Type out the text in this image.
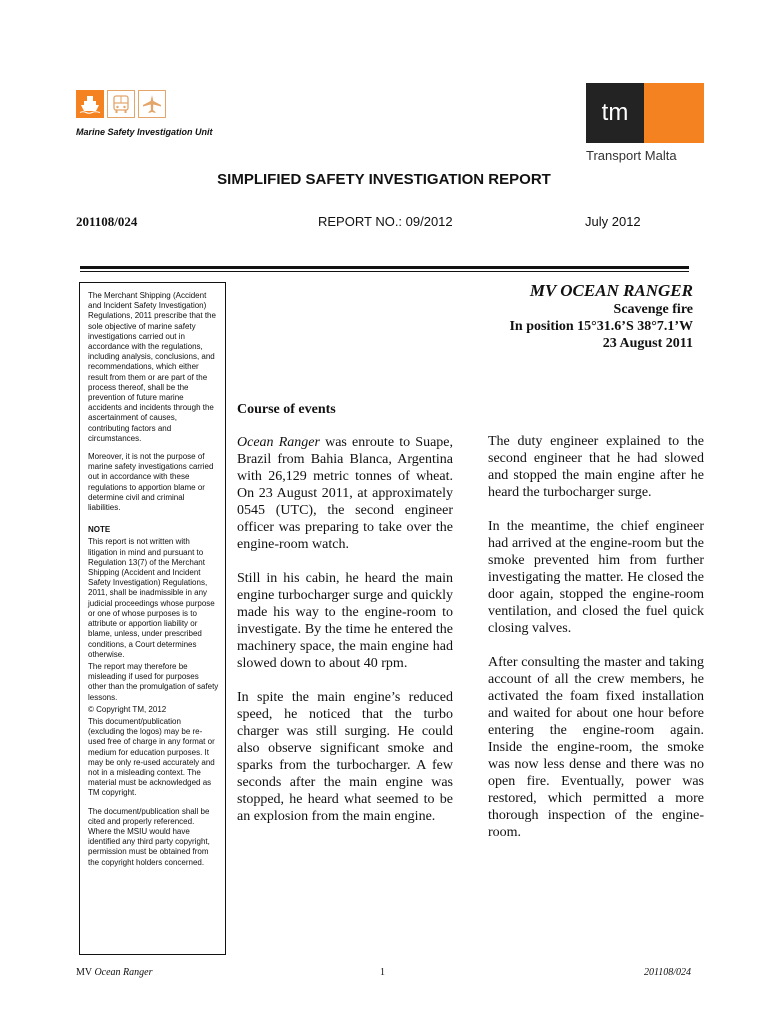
Marine Safety Investigation Unit
tm
Transport Malta
SIMPLIFIED SAFETY INVESTIGATION REPORT
201108/024	REPORT NO.: 09/2012	July 2012

The Merchant Shipping (Accident and Incident Safety Investigation) Regulations, 2011 prescribe that the sole objective of marine safety investigations carried out in accordance with the regulations, including analysis, conclusions, and recommendations, which either result from them or are part of the process thereof, shall be the prevention of future marine accidents and incidents through the ascertainment of causes, contributing factors and circumstances.

Moreover, it is not the purpose of marine safety investigations carried out in accordance with these regulations to apportion blame or determine civil and criminal liabilities.

NOTE

This report is not written with litigation in mind and pursuant to Regulation 13(7) of the Merchant Shipping (Accident and Incident Safety Investigation) Regulations, 2011, shall be inadmissible in any judicial proceedings whose purpose or one of whose purposes is to attribute or apportion liability or blame, unless, under prescribed conditions, a Court determines otherwise.

The report may therefore be misleading if used for purposes other than the promulgation of safety lessons.

© Copyright TM, 2012

This document/publication (excluding the logos) may be re-used free of charge in any format or medium for education purposes. It may be only re-used accurately and not in a misleading context. The material must be acknowledged as TM copyright.

The document/publication shall be cited and properly referenced. Where the MSIU would have identified any third party copyright, permission must be obtained from the copyright holders concerned.

MV OCEAN RANGER
Scavenge fire
In position 15°31.6’S 38°7.1’W
23 August 2011
Course of events

Ocean Ranger was enroute to Suape, Brazil from Bahia Blanca, Argentina with 26,129 metric tonnes of wheat. On 23 August 2011, at approximately 0545 (UTC), the second engineer officer was preparing to take over the engine-room watch.

Still in his cabin, he heard the main engine turbocharger surge and quickly made his way to the engine-room to investigate. By the time he entered the machinery space, the main engine had slowed down to about 40 rpm.

In spite the main engine’s reduced speed, he noticed that the turbo charger was still surging. He could also observe significant smoke and sparks from the turbocharger. A few seconds after the main engine was stopped, he heard what seemed to be an explosion from the main engine.

The duty engineer explained to the second engineer that he had slowed and stopped the main engine after he heard the turbocharger surge.

In the meantime, the chief engineer had arrived at the engine-room but the smoke prevented him from further investigating the matter. He closed the door again, stopped the engine-room ventilation, and closed the fuel quick closing valves.

After consulting the master and taking account of all the crew members, he activated the foam fixed installation and waited for about one hour before entering the engine-room again. Inside the engine-room, the smoke was now less dense and there was no open fire. Eventually, power was restored, which permitted a more thorough inspection of the engine-room.

MV Ocean Ranger	1	201108/024
